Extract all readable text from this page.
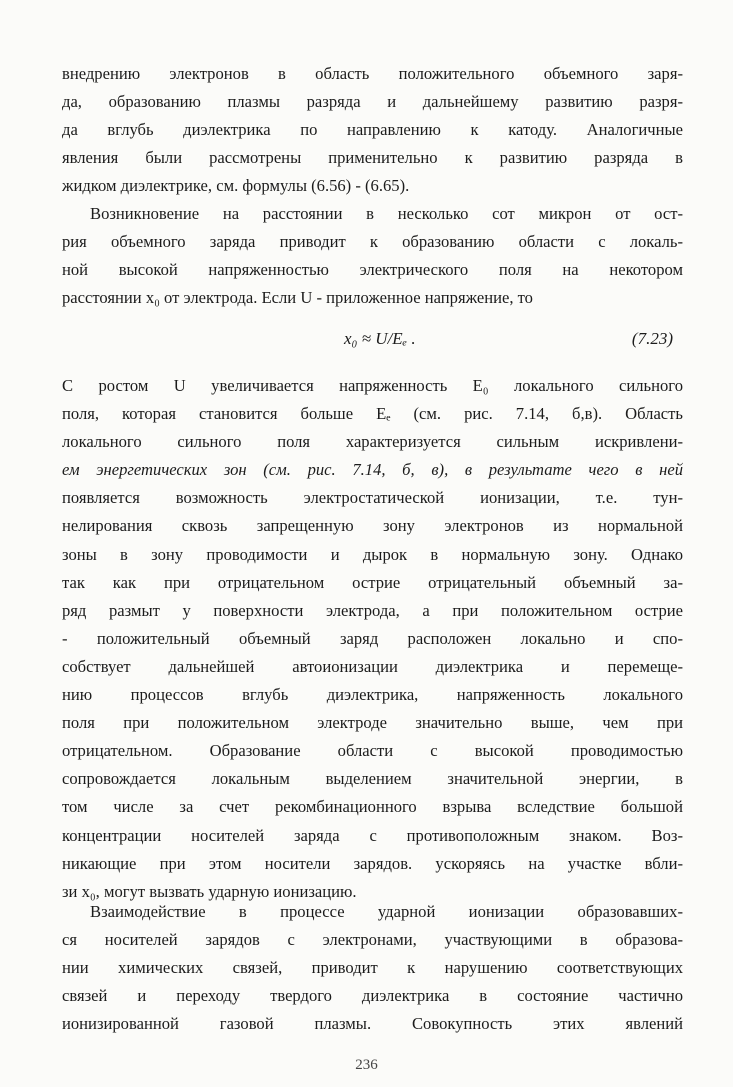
внедрению электронов в область положительного объемного заря-
да, образованию плазмы разряда и дальнейшему развитию разря-
да вглубь диэлектрика по направлению к катоду. Аналогичные
явления были рассмотрены применительно к развитию разряда в
жидком диэлектрике, см. формулы (6.56) - (6.65).
Возникновение на расстоянии в несколько сот микрон от ост-
рия объемного заряда приводит к образованию области с локаль-
ной высокой напряженностью электрического поля на некотором
расстоянии x₀ от электрода. Если U - приложенное напряжение, то
x₀ ≈ U/Eₑ .	(7.23)
С ростом U увеличивается напряженность E₀ локального сильного
поля, которая становится больше Eₑ (см. рис. 7.14, б,в). Область
локального сильного поля характеризуется сильным искривлени-
ем энергетических зон (см. рис. 7.14, б, в), в результате чего в ней
появляется возможность электростатической ионизации, т.е. тун-
нелирования сквозь запрещенную зону электронов из нормальной
зоны в зону проводимости и дырок в нормальную зону. Однако
так как при отрицательном острие отрицательный объемный за-
ряд размыт у поверхности электрода, а при положительном острие
- положительный объемный заряд расположен локально и спо-
собствует дальнейшей автоионизации диэлектрика и перемеще-
нию процессов вглубь диэлектрика, напряженность локального
поля при положительном электроде значительно выше, чем при
отрицательном. Образование области с высокой проводимостью
сопровождается локальным выделением значительной энергии, в
том числе за счет рекомбинационного взрыва вследствие большой
концентрации носителей заряда с противоположным знаком. Воз-
никающие при этом носители зарядов. ускоряясь на участке вбли-
зи x₀, могут вызвать ударную ионизацию.
Взаимодействие в процессе ударной ионизации образовавших-
ся носителей зарядов с электронами, участвующими в образова-
нии химических связей, приводит к нарушению соответствующих
связей и переходу твердого диэлектрика в состояние частично
ионизированной газовой плазмы. Совокупность этих явлений
236
